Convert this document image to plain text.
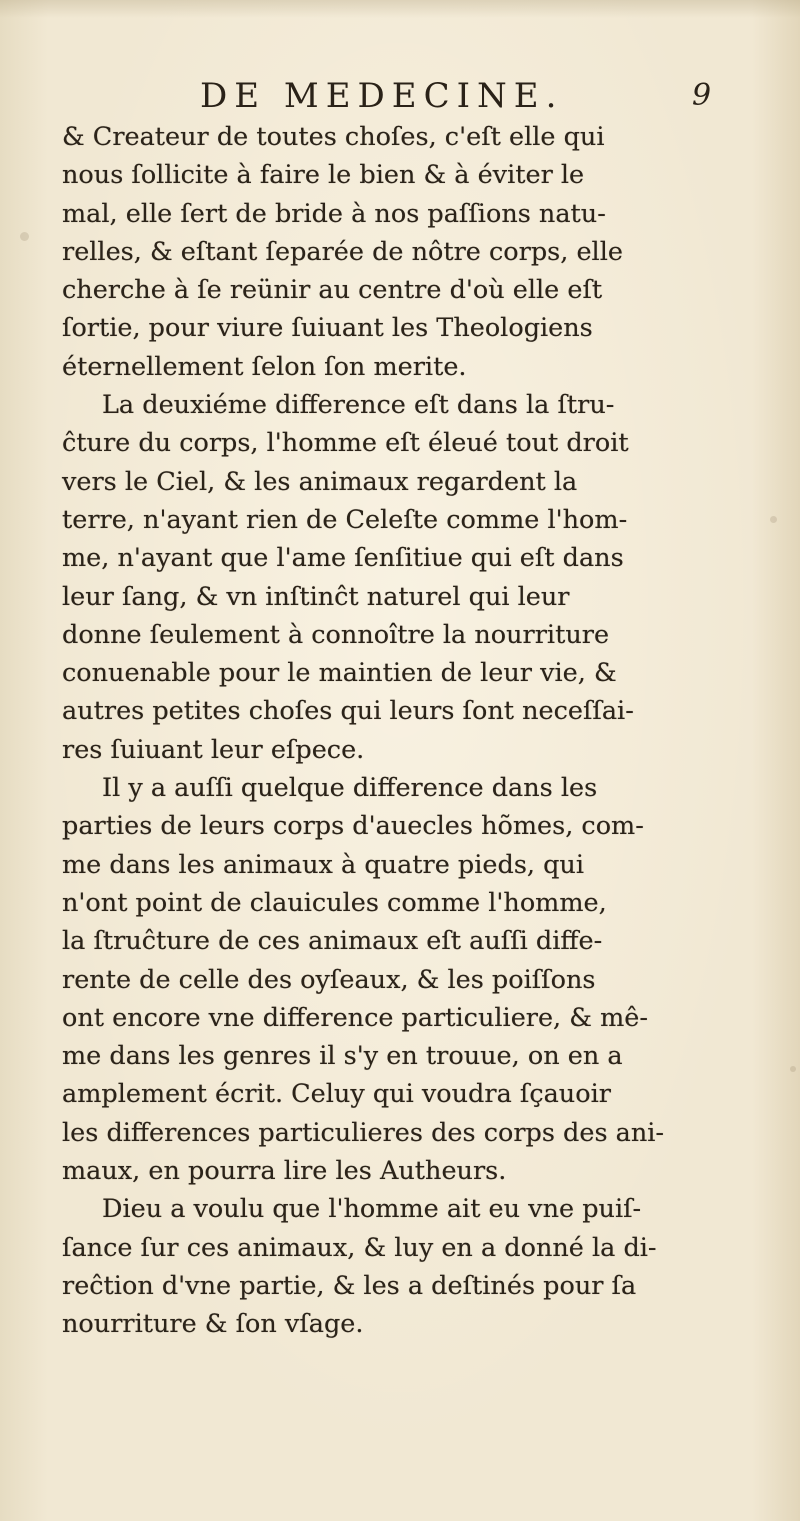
DE MEDECINE.	9
& Createur de toutes choſes, c'eſt elle qui
nous ſollicite à faire le bien & à éviter le
mal, elle ſert de bride à nos paſſions natu-
relles, & eſtant ſeparée de nôtre corps, elle
cherche à ſe reünir au centre d'où elle eſt
ſortie, pour viure ſuiuant les Theologiens
éternellement ſelon ſon merite.
La deuxiéme difference eſt dans la ſtru-
ĉture du corps, l'homme eſt éleué tout droit
vers le Ciel, & les animaux regardent la
terre, n'ayant rien de Celeſte comme l'hom-
me, n'ayant que l'ame ſenſitiue qui eſt dans
leur ſang, & vn inſtinĉt naturel qui leur
donne ſeulement à connoître la nourriture
conuenable pour le maintien de leur vie, &
autres petites choſes qui leurs ſont neceſſai-
res ſuiuant leur eſpece.
Il y a auſſi quelque difference dans les
parties de leurs corps d'auecles hõmes, com-
me dans les animaux à quatre pieds, qui
n'ont point de clauicules comme l'homme,
la ſtruĉture de ces animaux eſt auſſi diffe-
rente de celle des oyſeaux, & les poiſſons
ont encore vne difference particuliere, & mê-
me dans les genres il s'y en trouue, on en a
amplement écrit. Celuy qui voudra ſçauoir
les differences particulieres des corps des ani-
maux, en pourra lire les Autheurs.
Dieu a voulu que l'homme ait eu vne puiſ-
ſance ſur ces animaux, & luy en a donné la di-
reĉtion d'vne partie, & les a deſtinés pour ſa
nourriture & ſon vſage.
